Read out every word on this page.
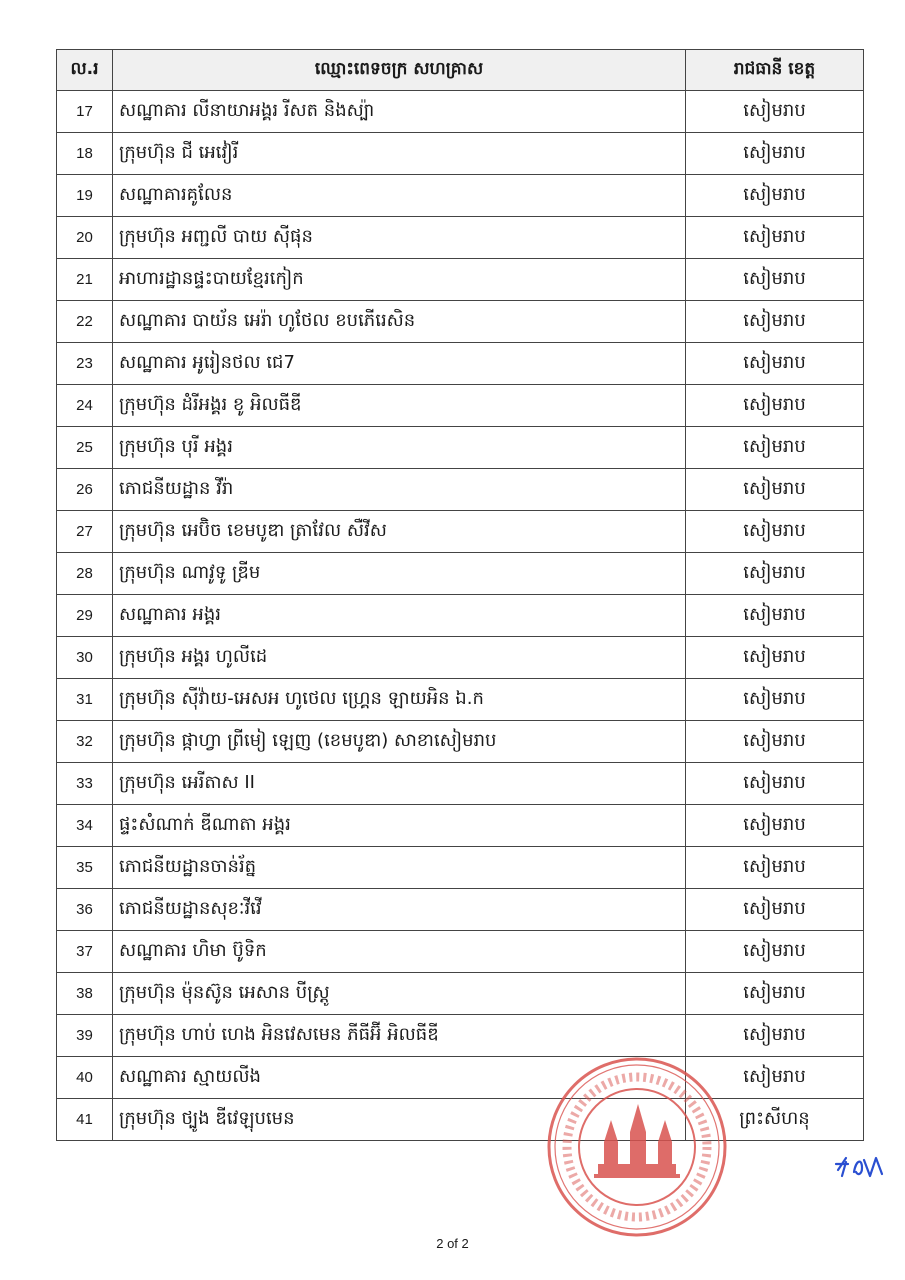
ល.រ	ឈ្មោះពេទចក្រ សហគ្រាស	រាជធានី ខេត្ត
17	សណ្ឋាគារ លីនាយាអង្គរ រីសត និងស្ប៉ា	សៀមរាប
18	ក្រុមហ៊ុន ជី អេវៀរី	សៀមរាប
19	សណ្ឋាគារគូលែន	សៀមរាប
20	ក្រុមហ៊ុន អញ្ជលី បាយ ស៊ីផុន	សៀមរាប
21	អាហារដ្ឋានផ្ទះបាយខ្មែរកៀក	សៀមរាប
22	សណ្ឋាគារ បាយ័ន អេរ៉ា ហូថែល ខបភើរេសិន	សៀមរាប
23	សណ្ឋាគារ អូរៀនថល ជេ7	សៀមរាប
24	ក្រុមហ៊ុន ដំរីអង្គរ ខូ អិលធីឌី	សៀមរាប
25	ក្រុមហ៊ុន បុរី អង្គរ	សៀមរាប
26	ភោជនីយដ្ឋាន វីរ៉ា	សៀមរាប
27	ក្រុមហ៊ុន អេប៊ិច ខេមបូឌា ត្រាវែល សឺវីស	សៀមរាប
28	ក្រុមហ៊ុន ណាវូទូ ឌ្រីម	សៀមរាប
29	សណ្ឋាគារ អង្គរ	សៀមរាប
30	ក្រុមហ៊ុន អង្គរ ហូលីដេ	សៀមរាប
31	ក្រុមហ៊ុន ស៊ីវ៉ាយ-អេសអ ហូថេល ហ្រ្គេន ឡាយអិន ឯ.ក	សៀមរាប
32	ក្រុមហ៊ុន ផ្កាហ្វា ព្រីមៀ ឡេញ (ខេមបូឌា) សាខាសៀមរាប	សៀមរាប
33	ក្រុមហ៊ុន អេរីតាស II	សៀមរាប
34	ផ្ទះសំណាក់ ឌីណាតា អង្គរ	សៀមរាប
35	ភោជនីយដ្ឋានចាន់រ័ត្ន	សៀមរាប
36	ភោជនីយដ្ឋានសុខៈវីវើ	សៀមរាប
37	សណ្ឋាគារ ហិមា ប៊ូទិក	សៀមរាប
38	ក្រុមហ៊ុន ម៉ុនស៊ូន អេសាន បីស្ត្រូ	សៀមរាប
39	ក្រុមហ៊ុន ហាប់ ហេង អិនវេសមេន ភីធីអ៊ី អិលធីឌី	សៀមរាប
40	សណ្ឋាគារ ស្មាយលីង	សៀមរាប
41	ក្រុមហ៊ុន ថ្បូង ឌីវេឡុបមេន	ព្រះសីហនុ
2 of 2
